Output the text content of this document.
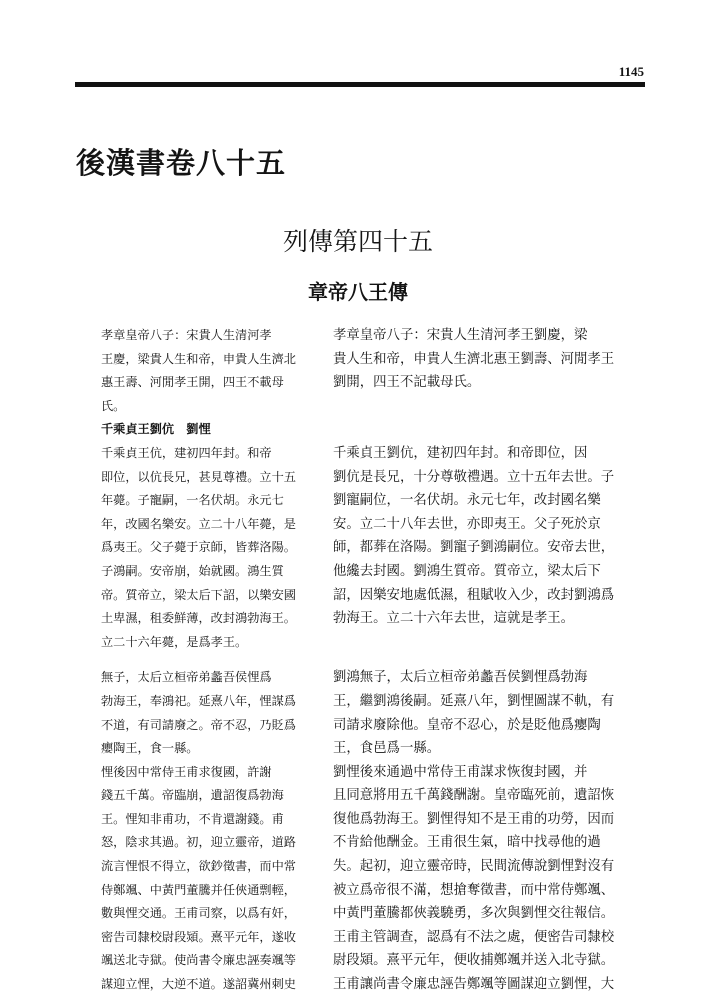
1145
後漢書卷八十五
列傳第四十五
章帝八王傳
孝章皇帝八子：宋貴人生清河孝
王慶，梁貴人生和帝，申貴人生濟北
惠王壽、河閒孝王開，四王不載母
氏。
千乘貞王劉伉　劉悝
千乘貞王伉，建初四年封。和帝
即位，以伉長兄，甚見尊禮。立十五
年薨。子寵嗣，一名伏胡。永元七
年，改國名樂安。立二十八年薨，是
爲夷王。父子薨于京師，皆葬洛陽。
子鴻嗣。安帝崩，始就國。鴻生質
帝。質帝立，梁太后下詔，以樂安國
土卑濕，租委鮮薄，改封鴻勃海王。
立二十六年薨，是爲孝王。
無子，太后立桓帝弟蠡吾侯悝爲
勃海王，奉鴻祀。延熹八年，悝謀爲
不道，有司請廢之。帝不忍，乃貶爲
癭陶王，食一縣。
悝後因中常侍王甫求復國，許謝
錢五千萬。帝臨崩，遺詔復爲勃海
王。悝知非甫功，不肯還謝錢。甫
怒，陰求其過。初，迎立靈帝，道路
流言悝恨不得立，欲鈔徵書，而中常
侍鄭颯、中黃門董騰并任俠通剽輕，
數與悝交通。王甫司察，以爲有奸，
密告司隸校尉段熲。熹平元年，遂收
颯送北寺獄。使尚書令廉忠誣奏颯等
謀迎立悝，大逆不道。遂詔冀州刺史
孝章皇帝八子：宋貴人生清河孝王劉慶，梁
貴人生和帝，申貴人生濟北惠王劉壽、河閒孝王
劉開，四王不記載母氏。
千乘貞王劉伉，建初四年封。和帝即位，因
劉伉是長兄，十分尊敬禮遇。立十五年去世。子
劉寵嗣位，一名伏胡。永元七年，改封國名樂
安。立二十八年去世，亦即夷王。父子死於京
師，都葬在洛陽。劉寵子劉鴻嗣位。安帝去世，
他纔去封國。劉鴻生質帝。質帝立，梁太后下
詔，因樂安地處低濕，租賦收入少，改封劉鴻爲
勃海王。立二十六年去世，這就是孝王。
劉鴻無子，太后立桓帝弟蠡吾侯劉悝爲勃海
王，繼劉鴻後嗣。延熹八年，劉悝圖謀不軌，有
司請求廢除他。皇帝不忍心，於是貶他爲癭陶
王，食邑爲一縣。
劉悝後來通過中常侍王甫謀求恢復封國，并
且同意將用五千萬錢酬謝。皇帝臨死前，遺詔恢
復他爲勃海王。劉悝得知不是王甫的功勞，因而
不肯給他酬金。王甫很生氣，暗中找尋他的過
失。起初，迎立靈帝時，民間流傳說劉悝對沒有
被立爲帝很不滿，想搶奪徵書，而中常侍鄭颯、
中黃門董騰都俠義驍勇，多次與劉悝交往報信。
王甫主管調查，認爲有不法之處，便密告司隸校
尉段熲。熹平元年，便收捕鄭颯并送入北寺獄。
王甫讓尚書令廉忠誣告鄭颯等圖謀迎立劉悝，大
